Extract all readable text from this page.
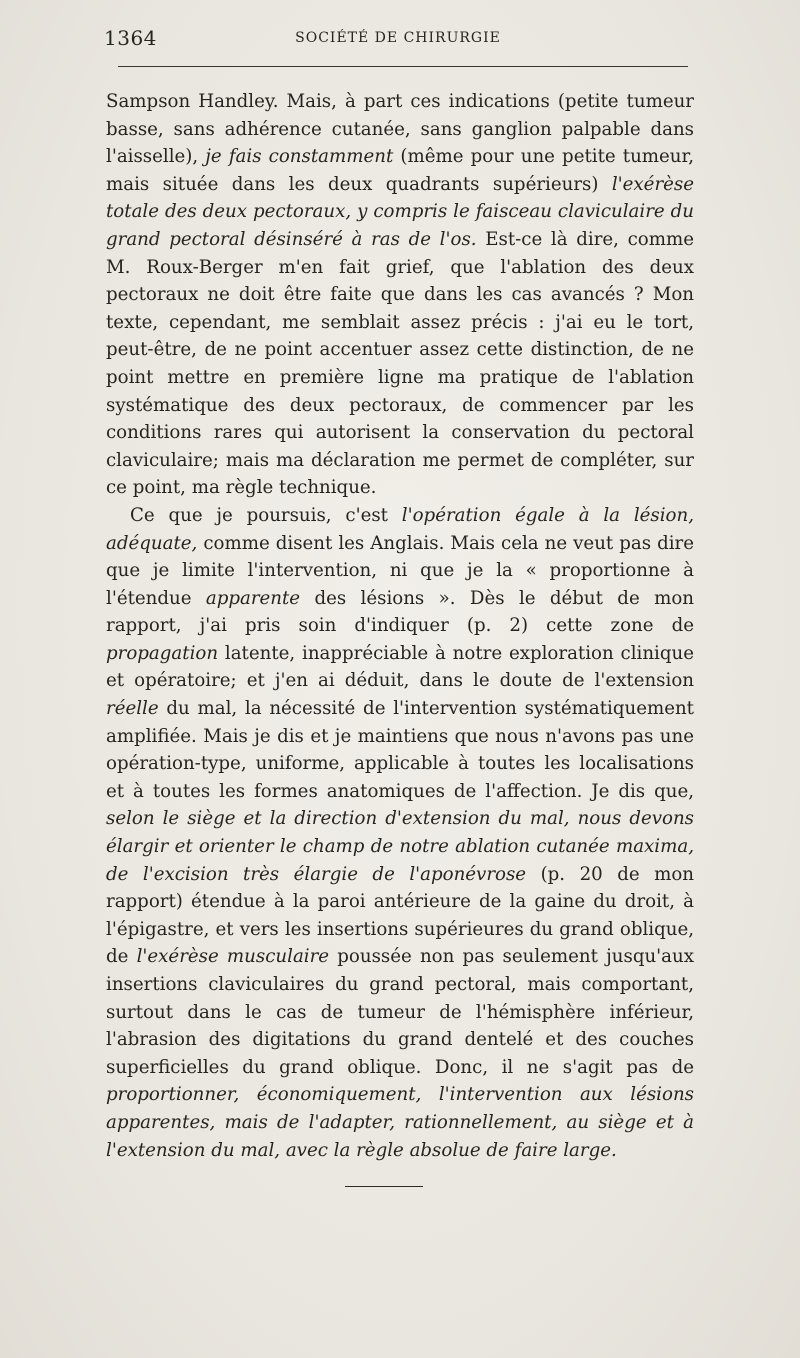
1364	SOCIÉTÉ DE CHIRURGIE

Sampson Handley. Mais, à part ces indications (petite tumeur basse, sans adhérence cutanée, sans ganglion palpable dans l'aisselle), je fais constamment (même pour une petite tumeur, mais située dans les deux quadrants supérieurs) l'exérèse totale des deux pectoraux, y compris le faisceau claviculaire du grand pectoral désinséré à ras de l'os. Est-ce là dire, comme M. Roux-Berger m'en fait grief, que l'ablation des deux pectoraux ne doit être faite que dans les cas avancés ? Mon texte, cependant, me semblait assez précis : j'ai eu le tort, peut-être, de ne point accentuer assez cette distinction, de ne point mettre en première ligne ma pratique de l'ablation systématique des deux pectoraux, de commencer par les conditions rares qui autorisent la conservation du pectoral claviculaire; mais ma déclaration me permet de compléter, sur ce point, ma règle technique.

Ce que je poursuis, c'est l'opération égale à la lésion, adéquate, comme disent les Anglais. Mais cela ne veut pas dire que je limite l'intervention, ni que je la « proportionne à l'étendue apparente des lésions ». Dès le début de mon rapport, j'ai pris soin d'indiquer (p. 2) cette zone de propagation latente, inappréciable à notre exploration clinique et opératoire; et j'en ai déduit, dans le doute de l'extension réelle du mal, la nécessité de l'intervention systématiquement amplifiée. Mais je dis et je maintiens que nous n'avons pas une opération-type, uniforme, applicable à toutes les localisations et à toutes les formes anatomiques de l'affection. Je dis que, selon le siège et la direction d'extension du mal, nous devons élargir et orienter le champ de notre ablation cutanée maxima, de l'excision très élargie de l'aponévrose (p. 20 de mon rapport) étendue à la paroi antérieure de la gaine du droit, à l'épigastre, et vers les insertions supérieures du grand oblique, de l'exérèse musculaire poussée non pas seulement jusqu'aux insertions claviculaires du grand pectoral, mais comportant, surtout dans le cas de tumeur de l'hémisphère inférieur, l'abrasion des digitations du grand dentelé et des couches superficielles du grand oblique. Donc, il ne s'agit pas de proportionner, économiquement, l'intervention aux lésions apparentes, mais de l'adapter, rationnellement, au siège et à l'extension du mal, avec la règle absolue de faire large.
